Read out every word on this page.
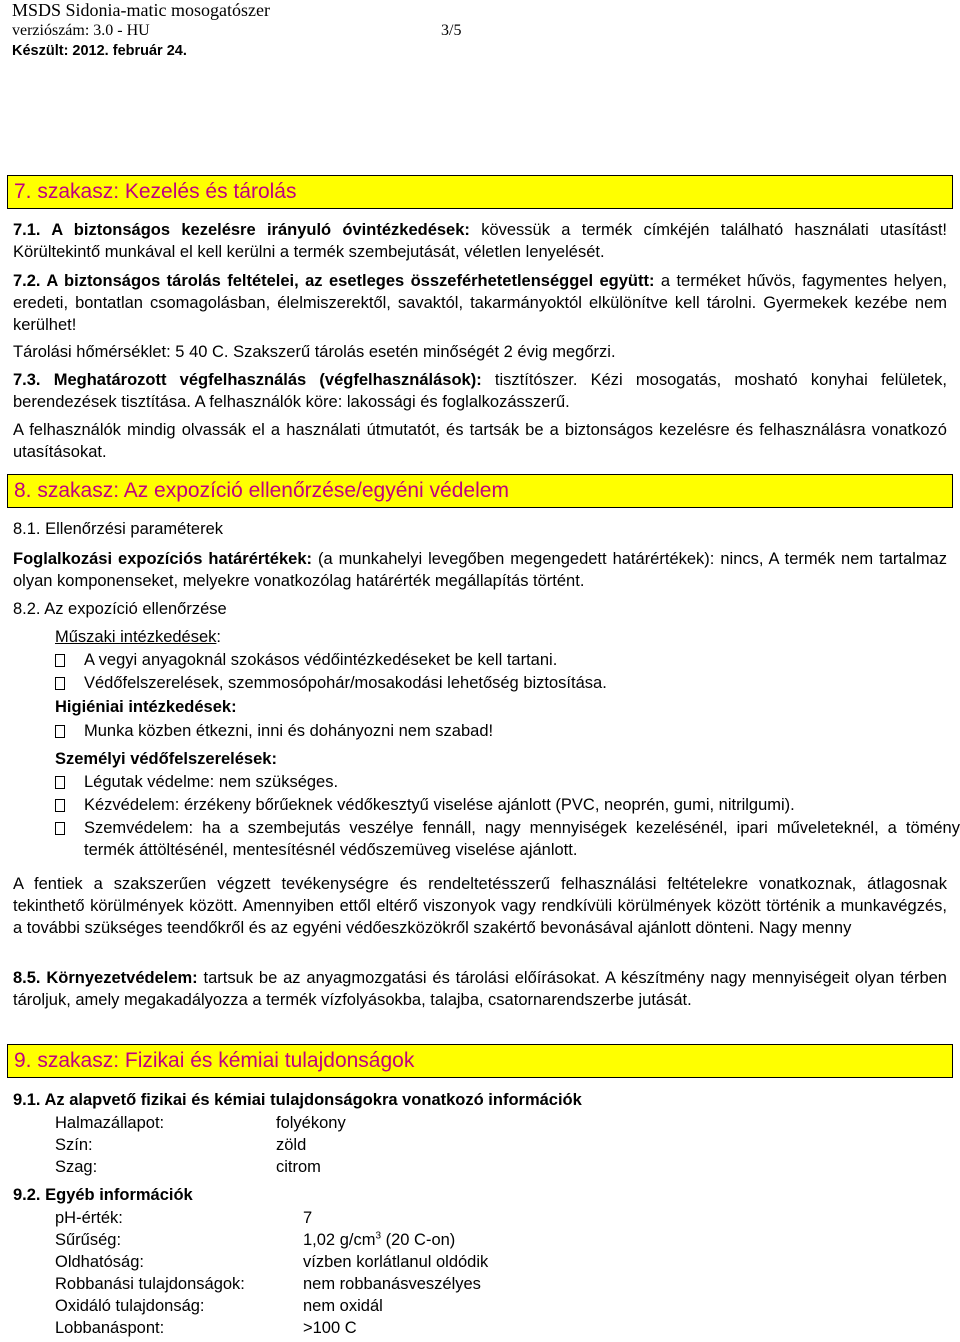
MSDS Sidonia-matic mosogatószer
verziószám: 3.0 - HU	3/5
Készült: 2012. február 24.
7. szakasz: Kezelés és tárolás
7.1. A biztonságos kezelésre irányuló óvintézkedések: kövessük a termék címkéjén található használati utasítást! Körültekintő munkával el kell kerülni a termék szembejutását, véletlen lenyelését.
7.2. A biztonságos tárolás feltételei, az esetleges összeférhetetlenséggel együtt: a terméket hűvös, fagymentes helyen, eredeti, bontatlan csomagolásban, élelmiszerektől, savaktól, takarmányoktól elkülönítve kell tárolni. Gyermekek kezébe nem kerülhet!
Tárolási hőmérséklet: 5 40 C. Szakszerű tárolás esetén minőségét 2 évig megőrzi.
7.3. Meghatározott végfelhasználás (végfelhasználások): tisztítószer. Kézi mosogatás, mosható konyhai felületek, berendezések tisztítása. A felhasználók köre: lakossági és foglalkozásszerű.
A felhasználók mindig olvassák el a használati útmutatót, és tartsák be a biztonságos kezelésre és felhasználásra vonatkozó utasításokat.
8. szakasz: Az expozíció ellenőrzése/egyéni védelem
8.1. Ellenőrzési paraméterek
Foglalkozási expozíciós határértékek: (a munkahelyi levegőben megengedett határértékek): nincs, A termék nem tartalmaz olyan komponenseket, melyekre vonatkozólag határérték megállapítás történt.
8.2. Az expozíció ellenőrzése
Műszaki intézkedések:
A vegyi anyagoknál szokásos védőintézkedéseket be kell tartani.
Védőfelszerelések, szemmosópohár/mosakodási lehetőség biztosítása.
Higiéniai intézkedések:
Munka közben étkezni, inni és dohányozni nem szabad!
Személyi védőfelszerelések:
Légutak védelme: nem szükséges.
Kézvédelem: érzékeny bőrűeknek védőkesztyű viselése ajánlott (PVC, neoprén, gumi, nitrilgumi).
Szemvédelem: ha a szembejutás veszélye fennáll, nagy mennyiségek kezelésénél, ipari műveleteknél, a tömény termék áttöltésénél, mentesítésnél védőszemüveg viselése ajánlott.
A fentiek a szakszerűen végzett tevékenységre és rendeltetésszerű felhasználási feltételekre vonatkoznak, átlagosnak tekinthető körülmények között. Amennyiben ettől eltérő viszonyok vagy rendkívüli körülmények között történik a munkavégzés, a további szükséges teendőkről és az egyéni védőeszközökről szakértő bevonásával ajánlott dönteni. Nagy menny
8.5. Környezetvédelem: tartsuk be az anyagmozgatási és tárolási előírásokat. A készítmény nagy mennyiségeit olyan térben tároljuk, amely megakadályozza a termék vízfolyásokba, talajba, csatornarendszerbe jutását.
9. szakasz: Fizikai és kémiai tulajdonságok
9.1. Az alapvető fizikai és kémiai tulajdonságokra vonatkozó információk
Halmazállapot:	folyékony
Szín:	zöld
Szag:	citrom
9.2. Egyéb információk
pH-érték:	7
Sűrűség:	1,02 $g/cm^3$ (20 C-on)
Oldhatóság:	vízben korlátlanul oldódik
Robbanási tulajdonságok:	nem robbanásveszélyes
Oxidáló tulajdonság:	nem oxidál
Lobbanáspont:	>100 C
